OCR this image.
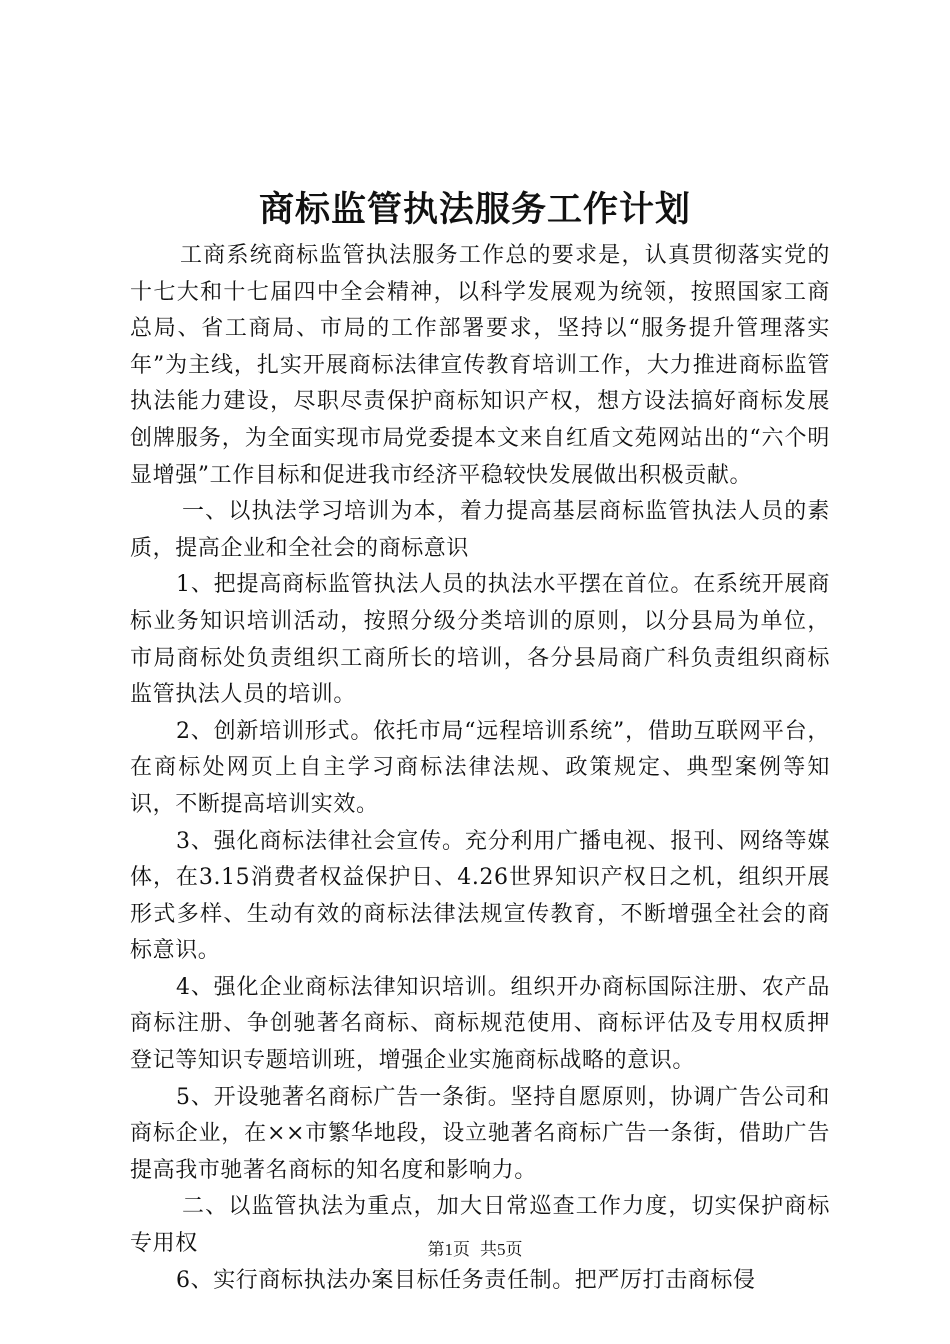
商标监管执法服务工作计划

工商系统商标监管执法服务工作总的要求是，认真贯彻落实党的十七大和十七届四中全会精神，以科学发展观为统领，按照国家工商总局、省工商局、市局的工作部署要求，坚持以“服务提升管理落实年”为主线，扎实开展商标法律宣传教育培训工作，大力推进商标监管执法能力建设，尽职尽责保护商标知识产权，想方设法搞好商标发展创牌服务，为全面实现市局党委提本文来自红盾文苑网站出的“六个明显增强”工作目标和促进我市经济平稳较快发展做出积极贡献。

一、以执法学习培训为本，着力提高基层商标监管执法人员的素质，提高企业和全社会的商标意识

1、把提高商标监管执法人员的执法水平摆在首位。在系统开展商标业务知识培训活动，按照分级分类培训的原则，以分县局为单位，市局商标处负责组织工商所长的培训，各分县局商广科负责组织商标监管执法人员的培训。

2、创新培训形式。依托市局“远程培训系统”，借助互联网平台，在商标处网页上自主学习商标法律法规、政策规定、典型案例等知识，不断提高培训实效。

3、强化商标法律社会宣传。充分利用广播电视、报刊、网络等媒体，在3.15消费者权益保护日、4.26世界知识产权日之机，组织开展形式多样、生动有效的商标法律法规宣传教育，不断增强全社会的商标意识。

4、强化企业商标法律知识培训。组织开办商标国际注册、农产品商标注册、争创驰著名商标、商标规范使用、商标评估及专用权质押登记等知识专题培训班，增强企业实施商标战略的意识。

5、开设驰著名商标广告一条街。坚持自愿原则，协调广告公司和商标企业，在××市繁华地段，设立驰著名商标广告一条街，借助广告提高我市驰著名商标的知名度和影响力。

二、以监管执法为重点，加大日常巡查工作力度，切实保护商标专用权

6、实行商标执法办案目标任务责任制。把严厉打击商标侵

第1页 共5页
